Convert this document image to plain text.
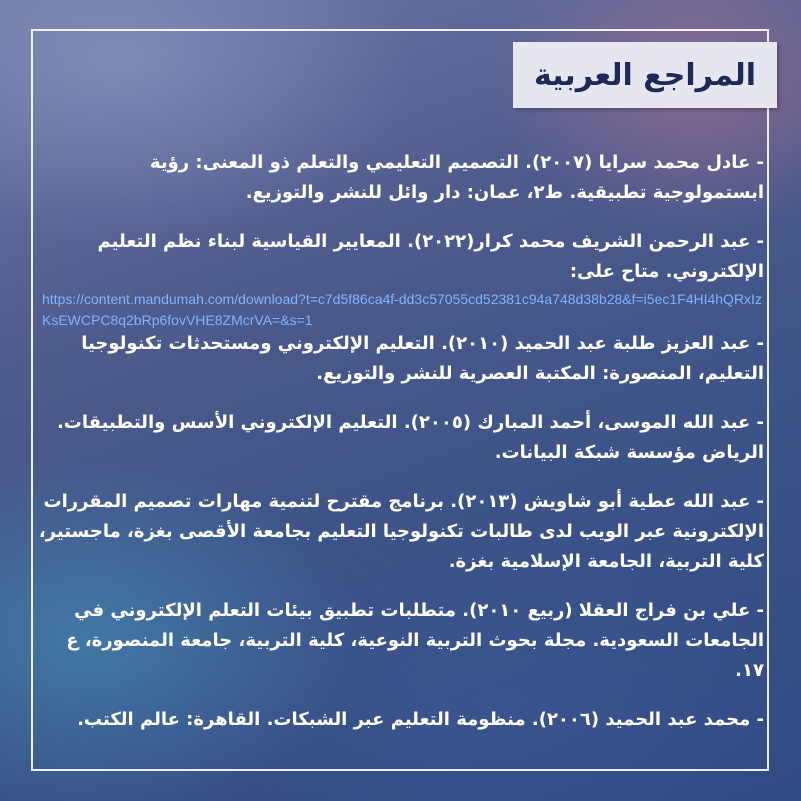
المراجع العربية

- عادل محمد سرايا (٢٠٠٧). التصميم التعليمي والتعلم ذو المعنى: رؤية ابستمولوجية تطبيقية. ط٢، عمان: دار وائل للنشر والتوزيع.

- عبد الرحمن الشريف محمد كرار(٢٠٢٢). المعايير القياسية لبناء نظم التعليم الإلكتروني. متاح على:

https://content.mandumah.com/download?t=c7d5f86ca4f-dd3c57055cd52381c94a748d38b28&f=i5ec1F4HI4hQRxIzKsEWCPC8q2bRp6fovVHE8ZMcrVA=&s=1

- عبد العزيز طلبة عبد الحميد (٢٠١٠). التعليم الإلكتروني ومستحدثات تكنولوجيا التعليم، المنصورة: المكتبة العصرية للنشر والتوزيع.

- عبد الله الموسى، أحمد المبارك (٢٠٠٥). التعليم الإلكتروني الأسس والتطبيقات. الرياض مؤسسة شبكة البيانات.

- عبد الله عطية أبو شاويش (٢٠١٣). برنامج مقترح لتنمية مهارات تصميم المقررات الإلكترونية عبر الويب لدى طالبات تكنولوجيا التعليم بجامعة الأقصى بغزة، ماجستير، كلية التربية، الجامعة الإسلامية بغزة.

- علي بن فراج العقلا (ربيع ٢٠١٠). متطلبات تطبيق بيئات التعلم الإلكتروني في الجامعات السعودية. مجلة بحوث التربية النوعية، كلية التربية، جامعة المنصورة، ع ١٧.

- محمد عبد الحميد (٢٠٠٦). منظومة التعليم عبر الشبكات. القاهرة: عالم الكتب.
